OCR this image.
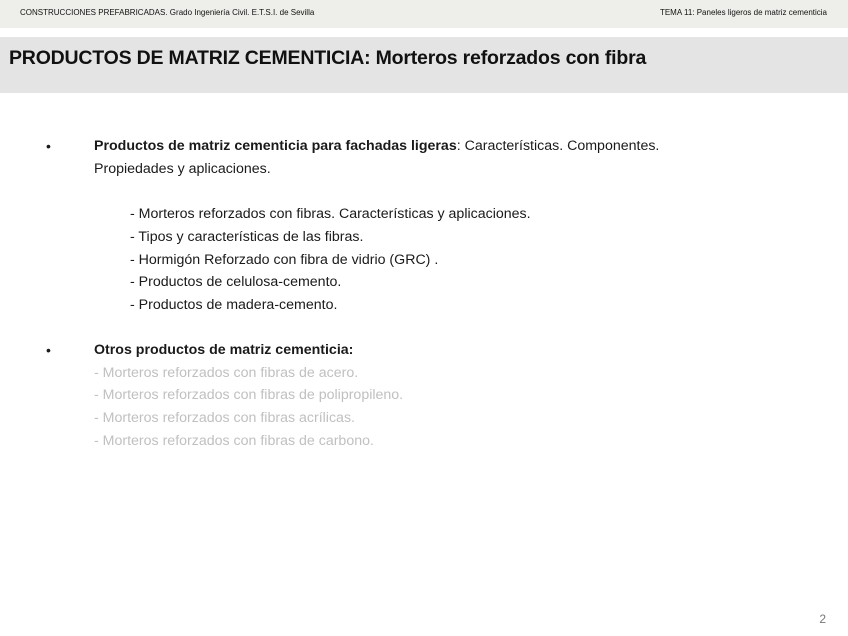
CONSTRUCCIONES PREFABRICADAS. Grado Ingeniería Civil. E.T.S.I. de Sevilla	TEMA 11: Paneles ligeros de matriz cementicia
PRODUCTOS DE MATRIZ CEMENTICIA: Morteros reforzados con fibra
•	Productos de matriz cementicia para fachadas ligeras: Características. Componentes.
Propiedades y aplicaciones.
- Morteros reforzados con fibras. Características y aplicaciones.
- Tipos y características de las fibras.
- Hormigón Reforzado con fibra de vidrio (GRC) .
- Productos de celulosa-cemento.
- Productos de madera-cemento.
•	Otros productos de matriz cementicia:
- Morteros reforzados con fibras de acero.
- Morteros reforzados con fibras de polipropileno.
- Morteros reforzados con fibras acrílicas.
- Morteros reforzados con fibras de carbono.
2
